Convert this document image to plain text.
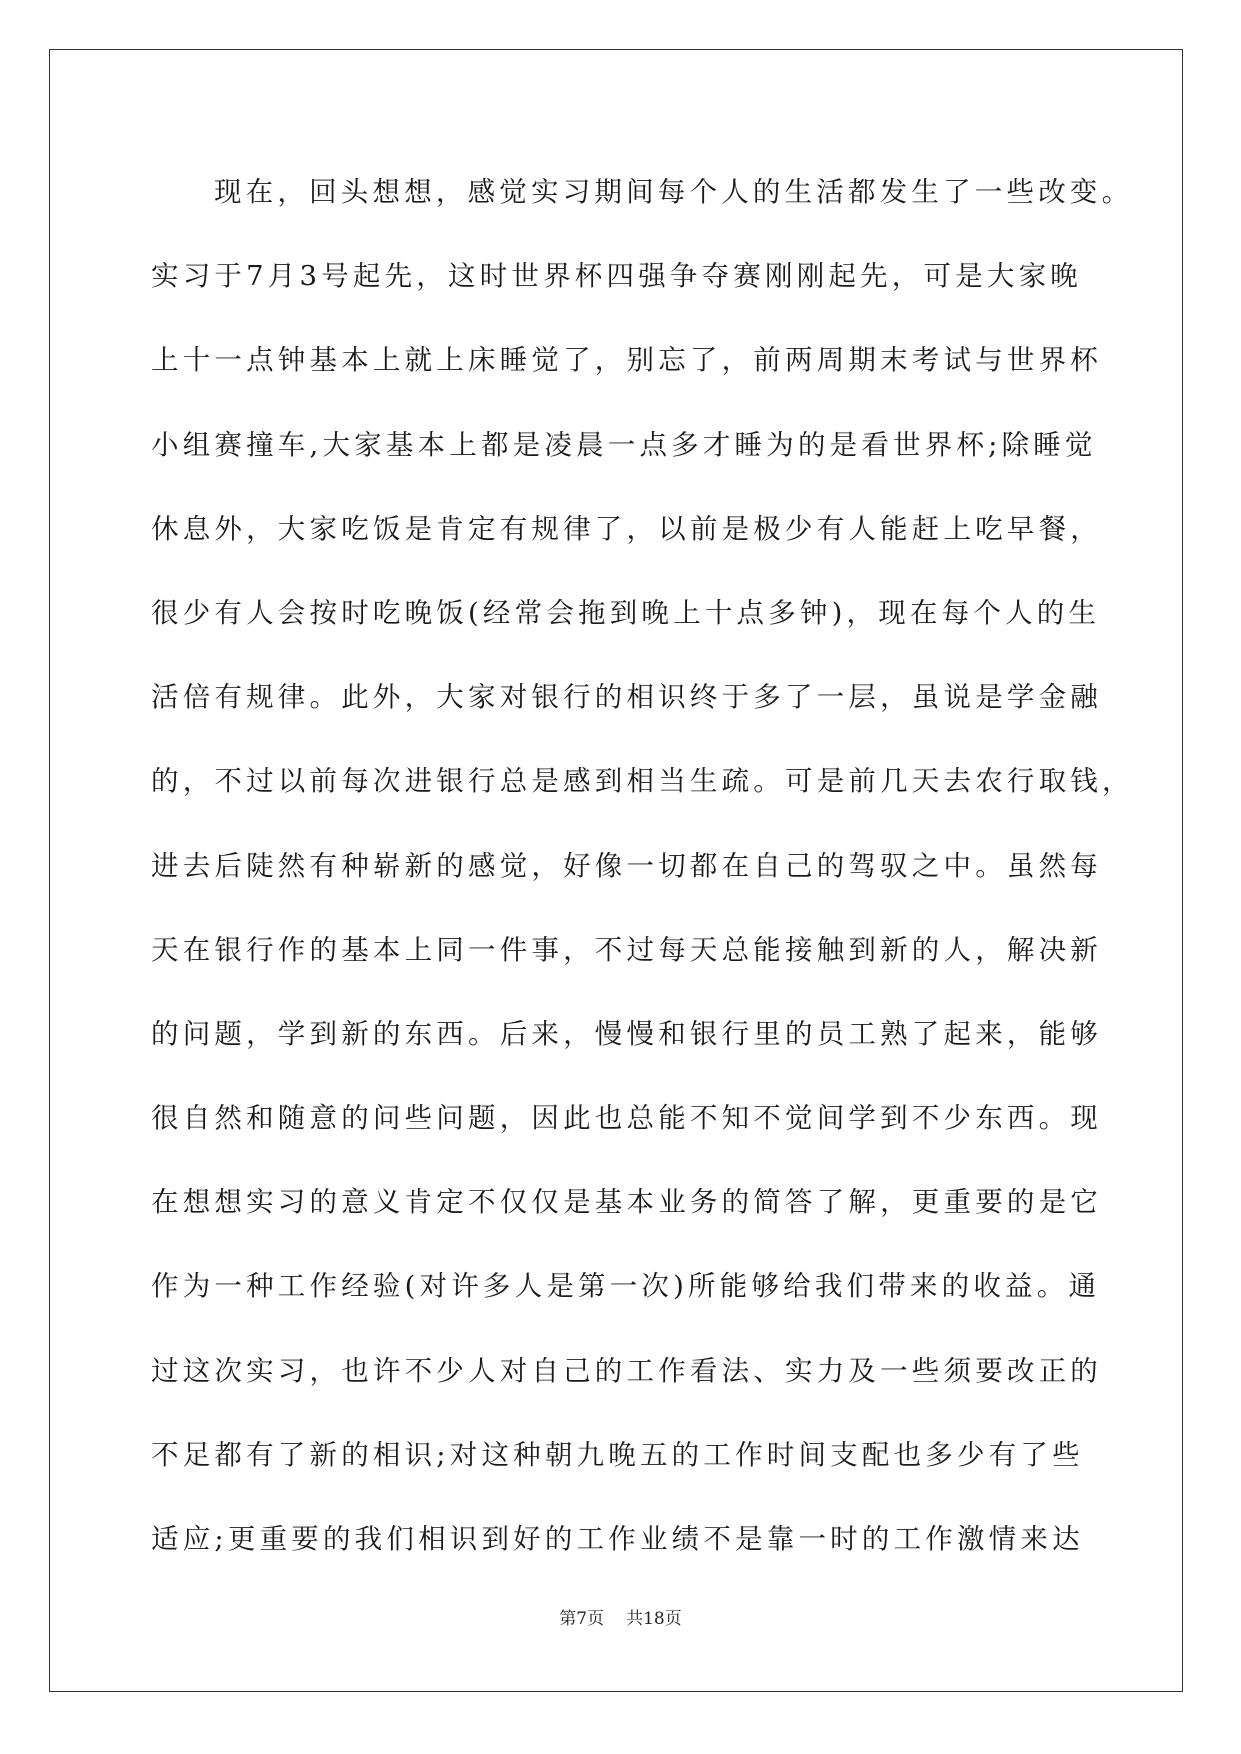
现在，回头想想，感觉实习期间每个人的生活都发生了一些改变。
实习于7月3号起先，这时世界杯四强争夺赛刚刚起先，可是大家晚
上十一点钟基本上就上床睡觉了，别忘了，前两周期末考试与世界杯
小组赛撞车,大家基本上都是凌晨一点多才睡为的是看世界杯;除睡觉
休息外，大家吃饭是肯定有规律了，以前是极少有人能赶上吃早餐，
很少有人会按时吃晚饭(经常会拖到晚上十点多钟)，现在每个人的生
活倍有规律。此外，大家对银行的相识终于多了一层，虽说是学金融
的，不过以前每次进银行总是感到相当生疏。可是前几天去农行取钱，
进去后陡然有种崭新的感觉，好像一切都在自己的驾驭之中。虽然每
天在银行作的基本上同一件事，不过每天总能接触到新的人，解决新
的问题，学到新的东西。后来，慢慢和银行里的员工熟了起来，能够
很自然和随意的问些问题，因此也总能不知不觉间学到不少东西。现
在想想实习的意义肯定不仅仅是基本业务的简答了解，更重要的是它
作为一种工作经验(对许多人是第一次)所能够给我们带来的收益。通
过这次实习，也许不少人对自己的工作看法、实力及一些须要改正的
不足都有了新的相识;对这种朝九晚五的工作时间支配也多少有了些
适应;更重要的我们相识到好的工作业绩不是靠一时的工作激情来达
第7页 共18页
